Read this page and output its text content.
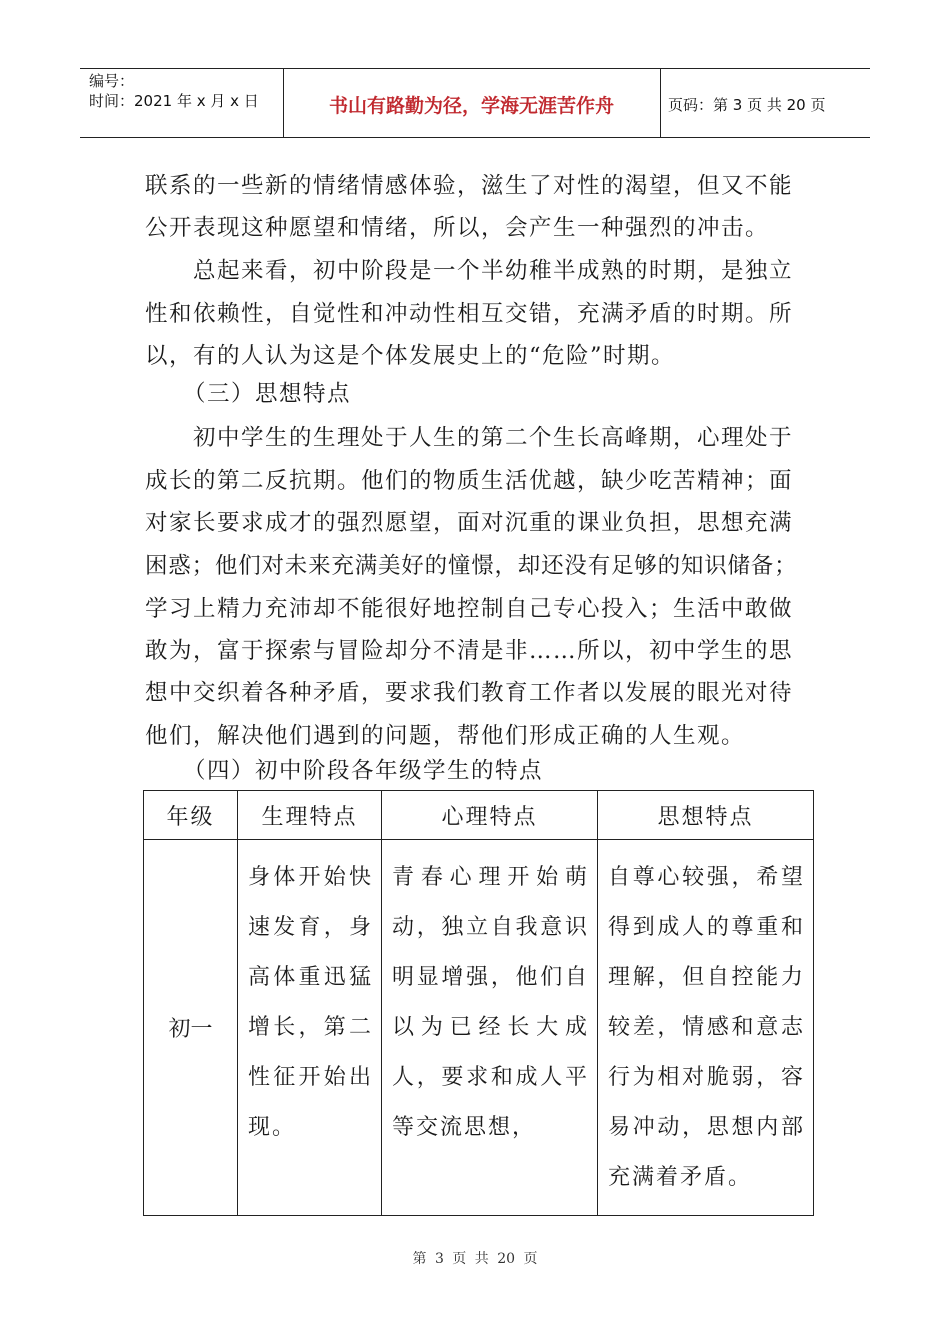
编号：
时间：2021 年 x 月 x 日	书山有路勤为径，学海无涯苦作舟	页码：第 3 页 共 20 页
联系的一些新的情绪情感体验，滋生了对性的渴望，但又不能
公开表现这种愿望和情绪，所以，会产生一种强烈的冲击。
总起来看，初中阶段是一个半幼稚半成熟的时期，是独立
性和依赖性，自觉性和冲动性相互交错，充满矛盾的时期。所
以，有的人认为这是个体发展史上的“危险”时期。
（三）思想特点
初中学生的生理处于人生的第二个生长高峰期，心理处于
成长的第二反抗期。他们的物质生活优越，缺少吃苦精神；面
对家长要求成才的强烈愿望，面对沉重的课业负担，思想充满
困惑；他们对未来充满美好的憧憬，却还没有足够的知识储备；
学习上精力充沛却不能很好地控制自己专心投入；生活中敢做
敢为，富于探索与冒险却分不清是非……所以，初中学生的思
想中交织着各种矛盾，要求我们教育工作者以发展的眼光对待
他们，解决他们遇到的问题，帮他们形成正确的人生观。
（四）初中阶段各年级学生的特点
年级	生理特点	心理特点	思想特点
初一	身体开始快速发育，身高体重迅猛增长，第二性征开始出现。	青春心理开始萌动，独立自我意识明显增强，他们自以为已经长大成人，要求和成人平等交流思想，	自尊心较强，希望得到成人的尊重和理解，但自控能力较差，情感和意志行为相对脆弱，容易冲动，思想内部充满着矛盾。
第 3 页 共 20 页
